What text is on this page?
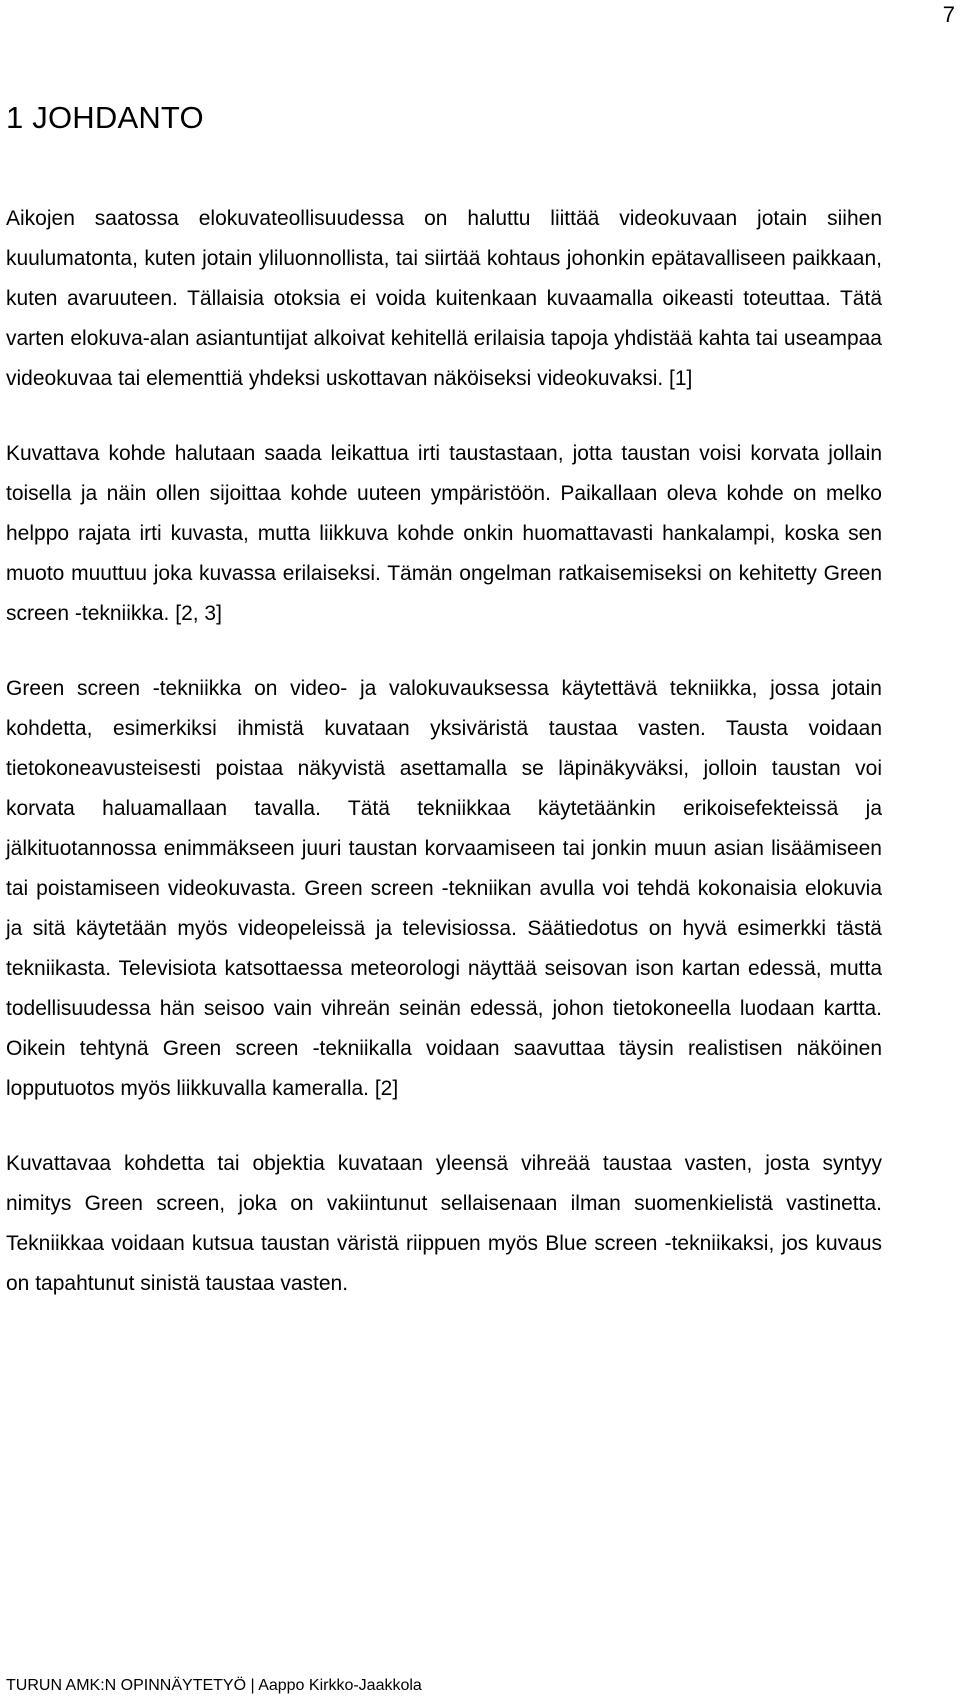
7
1 JOHDANTO

Aikojen saatossa elokuvateollisuudessa on haluttu liittää videokuvaan jotain siihen kuulumatonta, kuten jotain yliluonnollista, tai siirtää kohtaus johonkin epätavalliseen paikkaan, kuten avaruuteen. Tällaisia otoksia ei voida kuitenkaan kuvaamalla oikeasti toteuttaa. Tätä varten elokuva-alan asiantuntijat alkoivat kehitellä erilaisia tapoja yhdistää kahta tai useampaa videokuvaa tai elementtiä yhdeksi uskottavan näköiseksi videokuvaksi. [1]

Kuvattava kohde halutaan saada leikattua irti taustastaan, jotta taustan voisi korvata jollain toisella ja näin ollen sijoittaa kohde uuteen ympäristöön. Paikallaan oleva kohde on melko helppo rajata irti kuvasta, mutta liikkuva kohde onkin huomattavasti hankalampi, koska sen muoto muuttuu joka kuvassa erilaiseksi. Tämän ongelman ratkaisemiseksi on kehitetty Green screen -tekniikka. [2, 3]

Green screen -tekniikka on video- ja valokuvauksessa käytettävä tekniikka, jossa jotain kohdetta, esimerkiksi ihmistä kuvataan yksiväristä taustaa vasten. Tausta voidaan tietokoneavusteisesti poistaa näkyvistä asettamalla se läpinäkyväksi, jolloin taustan voi korvata haluamallaan tavalla. Tätä tekniikkaa käytetäänkin erikoisefekteissä ja jälkituotannossa enimmäkseen juuri taustan korvaamiseen tai jonkin muun asian lisäämiseen tai poistamiseen videokuvasta. Green screen -tekniikan avulla voi tehdä kokonaisia elokuvia ja sitä käytetään myös videopeleissä ja televisiossa. Säätiedotus on hyvä esimerkki tästä tekniikasta. Televisiota katsottaessa meteorologi näyttää seisovan ison kartan edessä, mutta todellisuudessa hän seisoo vain vihreän seinän edessä, johon tietokoneella luodaan kartta. Oikein tehtynä Green screen -tekniikalla voidaan saavuttaa täysin realistisen näköinen lopputuotos myös liikkuvalla kameralla. [2]

Kuvattavaa kohdetta tai objektia kuvataan yleensä vihreää taustaa vasten, josta syntyy nimitys Green screen, joka on vakiintunut sellaisenaan ilman suomenkielistä vastinetta. Tekniikkaa voidaan kutsua taustan väristä riippuen myös Blue screen -tekniikaksi, jos kuvaus on tapahtunut sinistä taustaa vasten.

TURUN AMK:N OPINNÄYTETYÖ | Aappo Kirkko-Jaakkola
